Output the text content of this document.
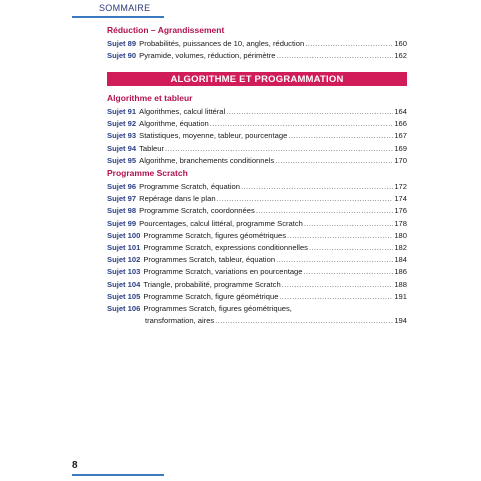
SOMMAIRE
Réduction – Agrandissement
Sujet 89 Probabilités, puissances de 10, angles, réduction .....	160
Sujet 90 Pyramide, volumes, réduction, périmètre .....	162
ALGORITHME ET PROGRAMMATION
Algorithme et tableur
Sujet 91 Algorithmes, calcul littéral .....	164
Sujet 92 Algorithme, équation .....	166
Sujet 93 Statistiques, moyenne, tableur, pourcentage .....	167
Sujet 94 Tableur .....	169
Sujet 95 Algorithme, branchements conditionnels .....	170
Programme Scratch
Sujet 96 Programme Scratch, équation .....	172
Sujet 97 Repérage dans le plan .....	174
Sujet 98 Programme Scratch, coordonnées .....	176
Sujet 99 Pourcentages, calcul littéral, programme Scratch .....	178
Sujet 100 Programme Scratch, figures géométriques .....	180
Sujet 101 Programme Scratch, expressions conditionnelles .....	182
Sujet 102 Programmes Scratch, tableur, équation .....	184
Sujet 103 Programme Scratch, variations en pourcentage .....	186
Sujet 104 Triangle, probabilité, programme Scratch .....	188
Sujet 105 Programme Scratch, figure géométrique .....	191
Sujet 106 Programmes Scratch, figures géométriques,
transformation, aires .....	194
8
